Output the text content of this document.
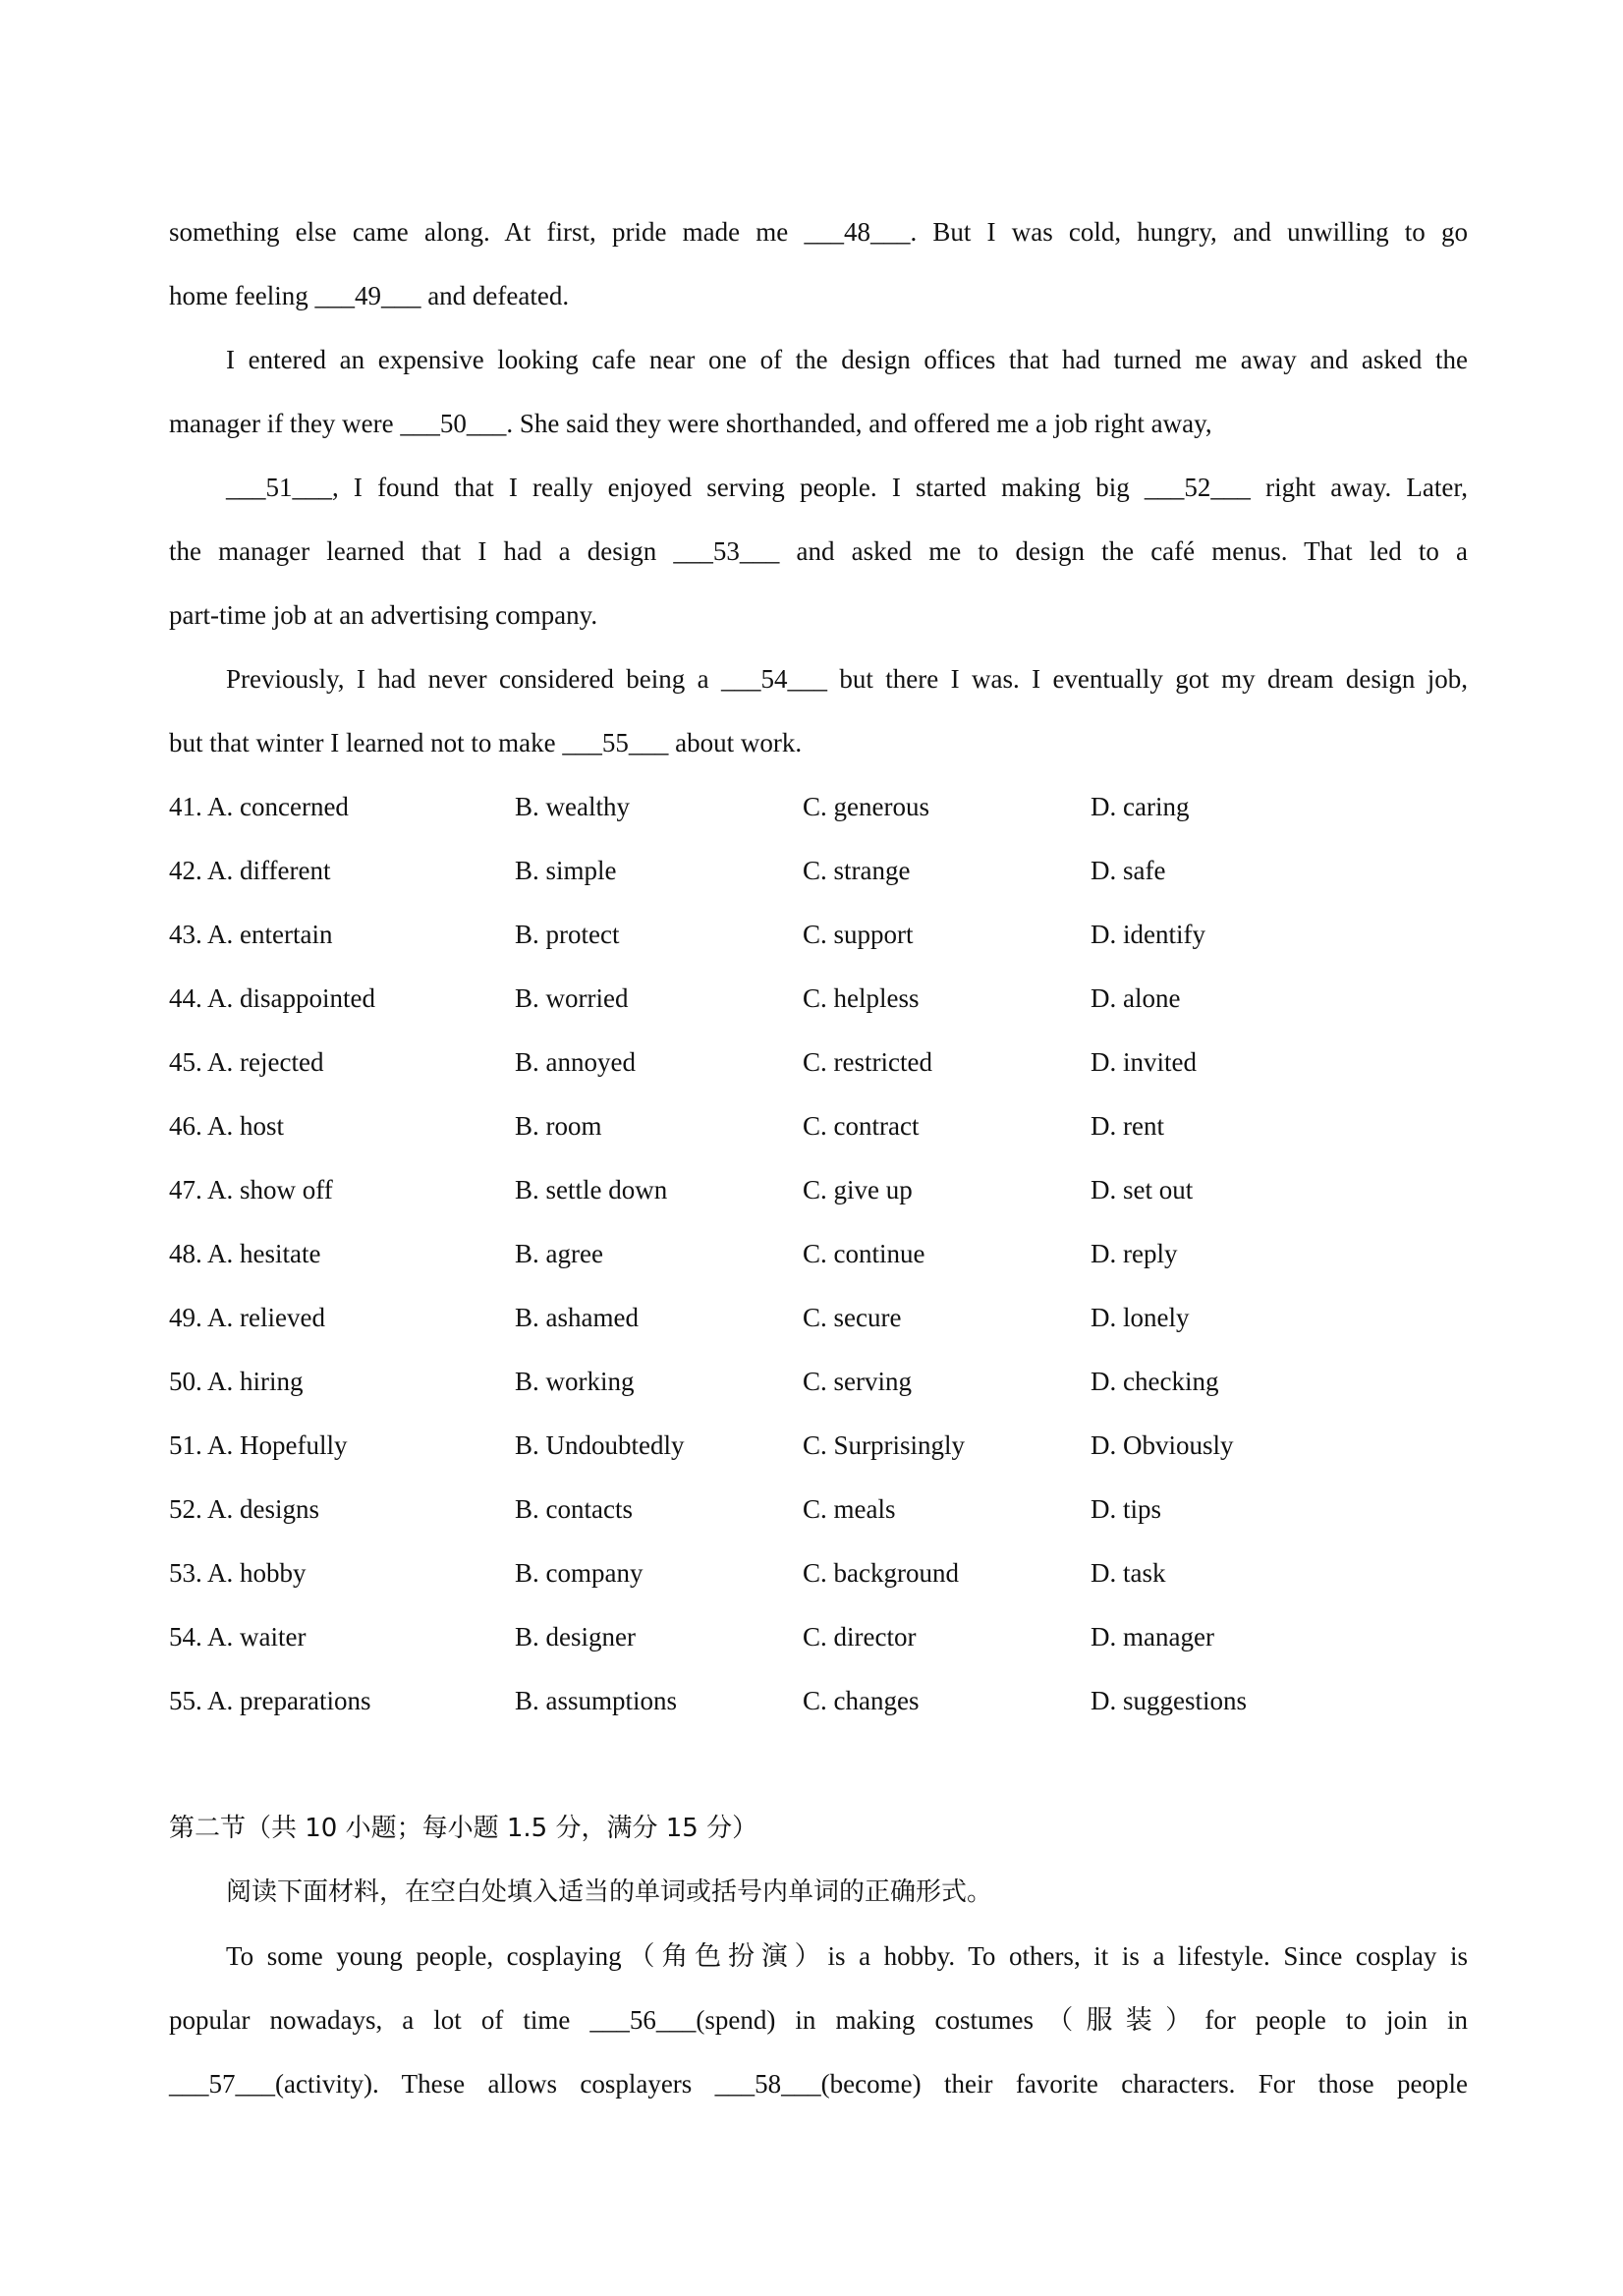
something else came along. At first, pride made me ___48___. But I was cold, hungry, and unwilling to go
home feeling ___49___ and defeated.
I entered an expensive looking cafe near one of the design offices that had turned me away and asked the
manager if they were ___50___. She said they were shorthanded, and offered me a job right away,
___51___, I found that I really enjoyed serving people. I started making big ___52___ right away. Later,
the manager learned that I had a design ___53___ and asked me to design the café menus. That led to a
part-time job at an advertising company.
Previously, I had never considered being a ___54___ but there I was. I eventually got my dream design job,
but that winter I learned not to make ___55___ about work.
41. A. concerned	B. wealthy	C. generous	D. caring
42. A. different	B. simple	C. strange	D. safe
43. A. entertain	B. protect	C. support	D. identify
44. A. disappointed	B. worried	C. helpless	D. alone
45. A. rejected	B. annoyed	C. restricted	D. invited
46. A. host	B. room	C. contract	D. rent
47. A. show off	B. settle down	C. give up	D. set out
48. A. hesitate	B. agree	C. continue	D. reply
49. A. relieved	B. ashamed	C. secure	D. lonely
50. A. hiring	B. working	C. serving	D. checking
51. A. Hopefully	B. Undoubtedly	C. Surprisingly	D. Obviously
52. A. designs	B. contacts	C. meals	D. tips
53. A. hobby	B. company	C. background	D. task
54. A. waiter	B. designer	C. director	D. manager
55. A. preparations	B. assumptions	C. changes	D. suggestions
第二节（共 10 小题；每小题 1.5 分，满分 15 分）
阅读下面材料，在空白处填入适当的单词或括号内单词的正确形式。
To some young people, cosplaying（角色扮演）is a hobby. To others, it is a lifestyle. Since cosplay is
popular nowadays, a lot of time ___56___(spend) in making costumes（服装）for people to join in
___57___(activity). These allows cosplayers ___58___(become) their favorite characters. For those people
